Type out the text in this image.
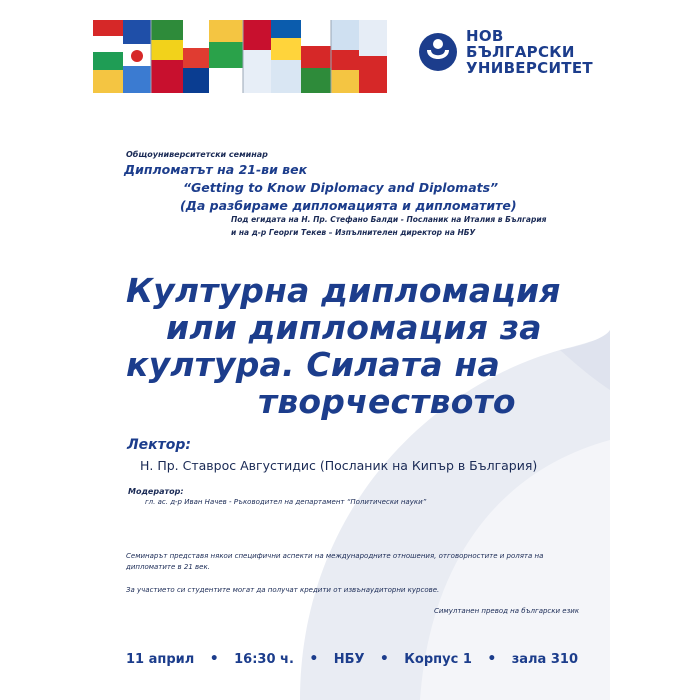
НОВ
БЪЛГАРСКИ
УНИВЕРСИТЕТ
Общоуниверситетски семинар
Дипломатът на 21-ви век
“Getting to Know Diplomacy and Diplomats”
(Да разбираме дипломацията и дипломатите)
Под егидата на Н. Пр. Стефано Балди - Посланик на Италия в България
и на д-р Георги Текев – Изпълнителен директор на НБУ
Културна дипломация
или дипломация за
култура. Силата на
творчеството
Лектор:
Н. Пр. Ставрос Августидис (Посланик на Кипър в България)
Модератор:
гл. ас. д-р Иван Начев - Ръководител на департамент “Политически науки”
Семинарът представя някои специфични аспекти на международните отношения, отговорностите и ролята на
дипломатите в 21 век.
За участието си студентите могат да получат кредити от извънаудиторни курсове.
Симултанен превод на български език
11 април • 16:30 ч. • НБУ • Корпус 1 • зала 310
